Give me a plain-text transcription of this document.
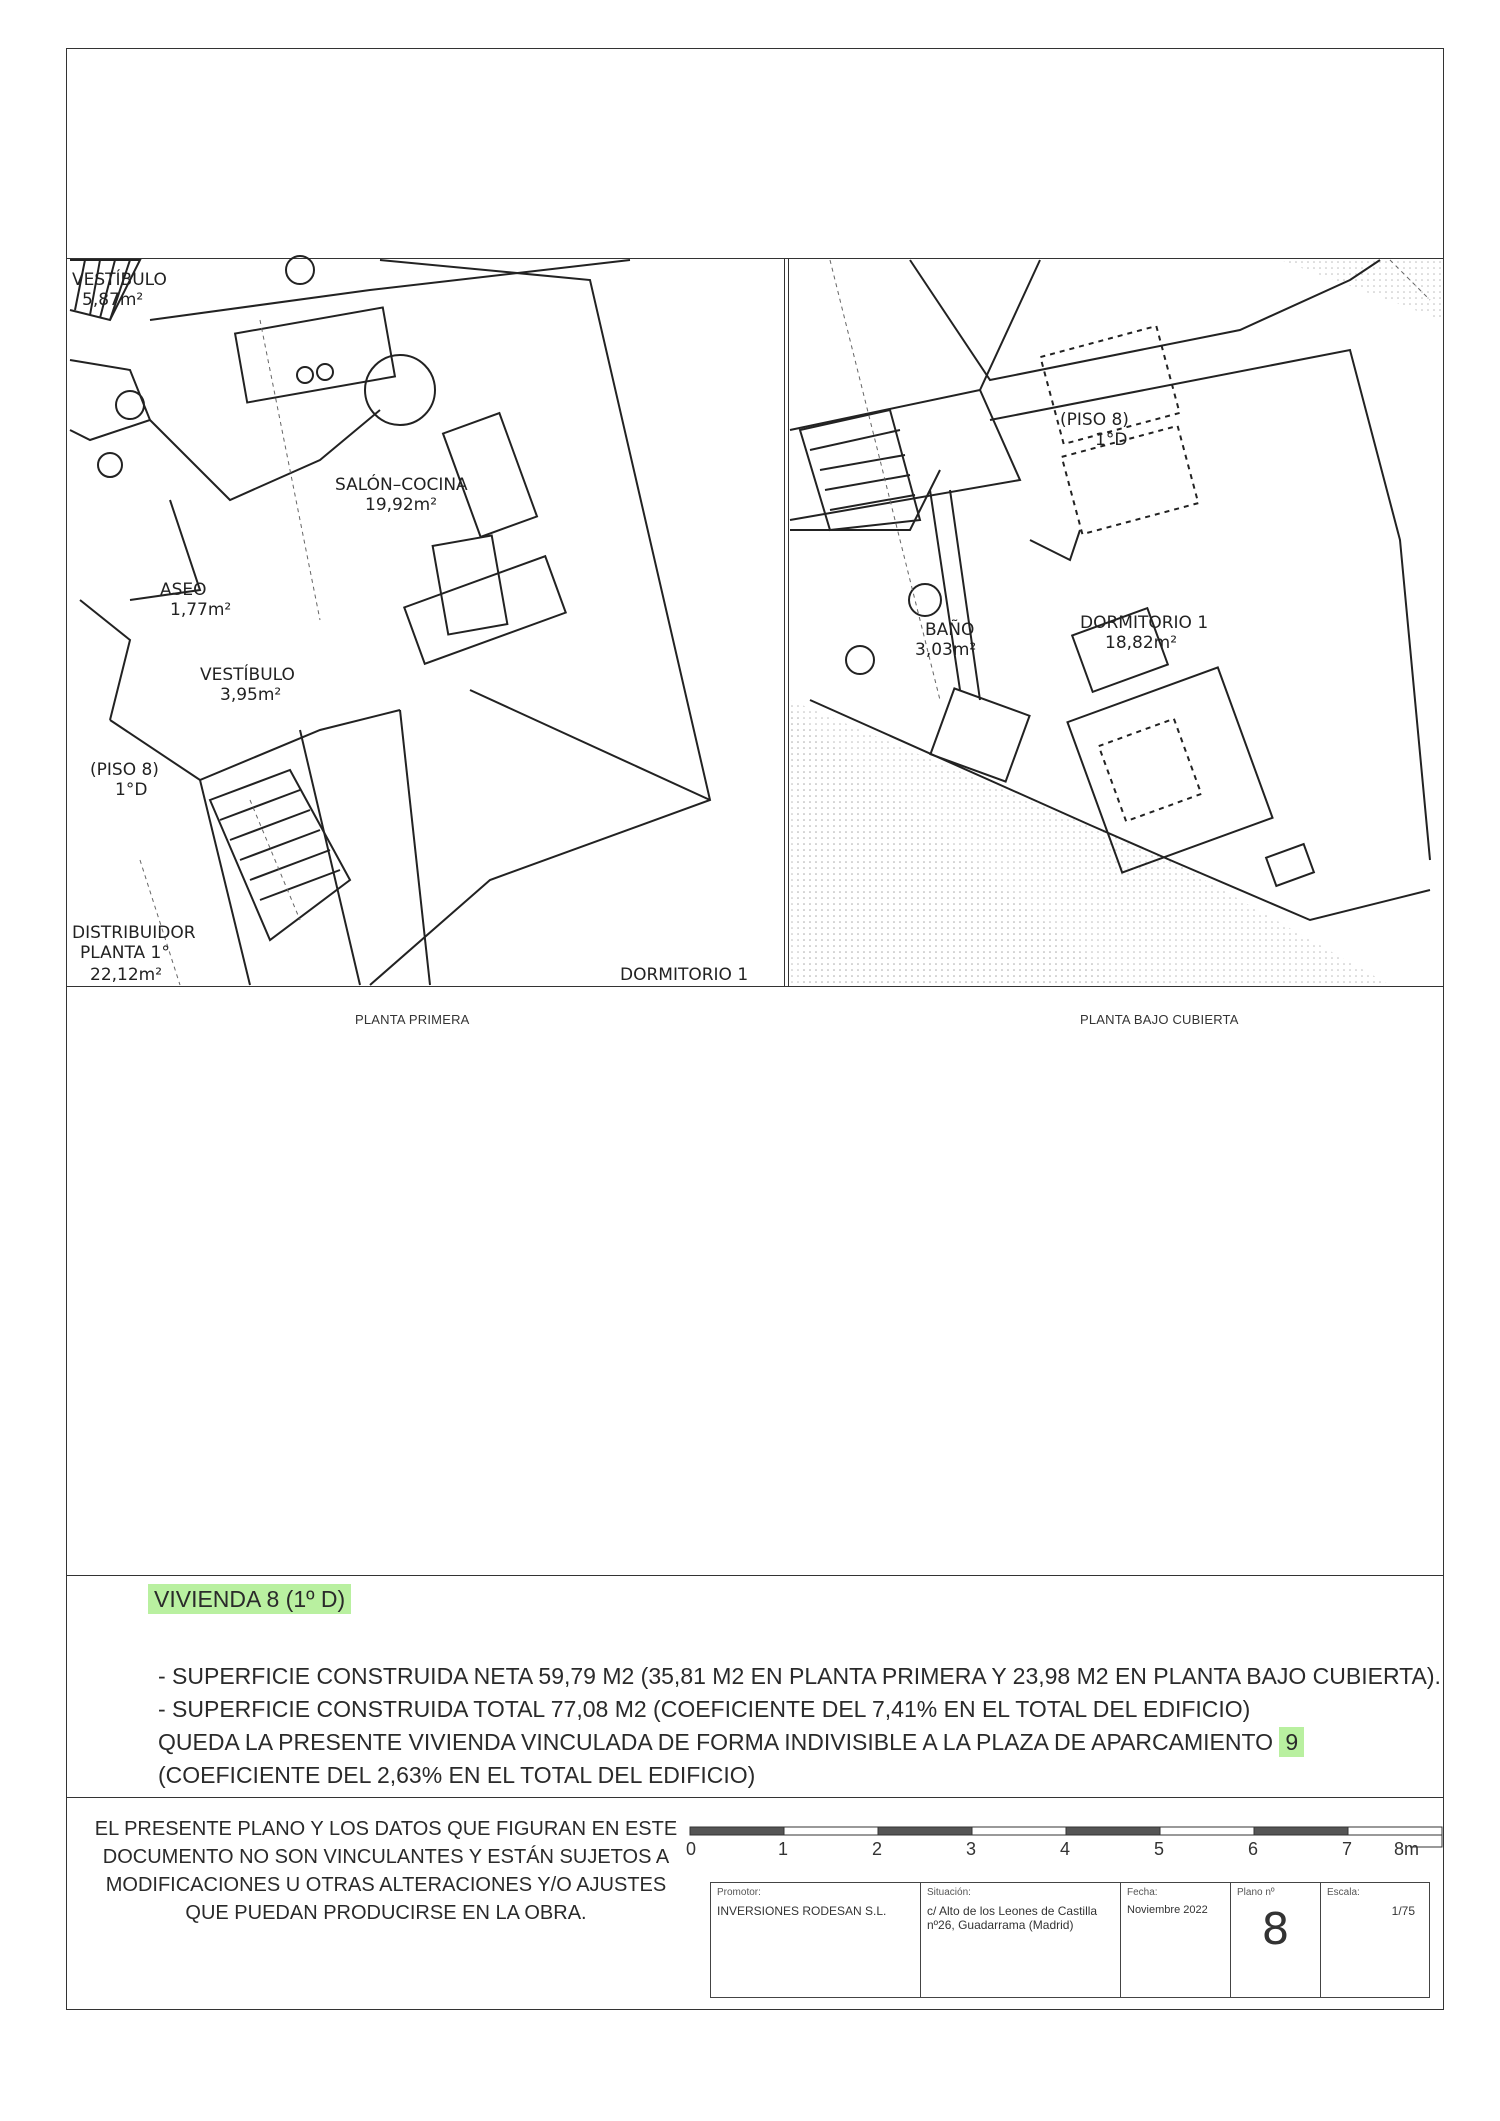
VESTÍBULO
5,87m²
SALÓN–COCINA
19,92m²
ASEO
1,77m²
VESTÍBULO
3,95m²
(PISO 8)
1°D
DISTRIBUIDOR
PLANTA 1°
22,12m²	DORMITORIO 1
(PISO 8)
1°D
BAÑO
3,03m²
DORMITORIO 1
18,82m²
PLANTA PRIMERA	PLANTA BAJO CUBIERTA
VIVIENDA 8 (1º D)
- SUPERFICIE CONSTRUIDA NETA 59,79 M2 (35,81 M2 EN PLANTA PRIMERA Y 23,98 M2 EN PLANTA BAJO CUBIERTA).
- SUPERFICIE CONSTRUIDA TOTAL 77,08 M2 (COEFICIENTE DEL 7,41% EN EL TOTAL DEL EDIFICIO)
QUEDA LA PRESENTE VIVIENDA VINCULADA DE FORMA INDIVISIBLE A LA PLAZA DE APARCAMIENTO 9
(COEFICIENTE DEL 2,63% EN EL TOTAL DEL EDIFICIO)
EL PRESENTE PLANO Y LOS DATOS QUE FIGURAN EN ESTE DOCUMENTO NO SON VINCULANTES Y ESTÁN SUJETOS A MODIFICACIONES U OTRAS ALTERACIONES Y/O AJUSTES QUE PUEDAN PRODUCIRSE EN LA OBRA.
0	1	2	3	4	5	6	7 8m
Promotor:
INVERSIONES RODESAN S.L.
Situación:
c/ Alto de los Leones de Castilla nº26, Guadarrama (Madrid)
Fecha:
Noviembre 2022
Plano nº
8
Escala:
1/75
